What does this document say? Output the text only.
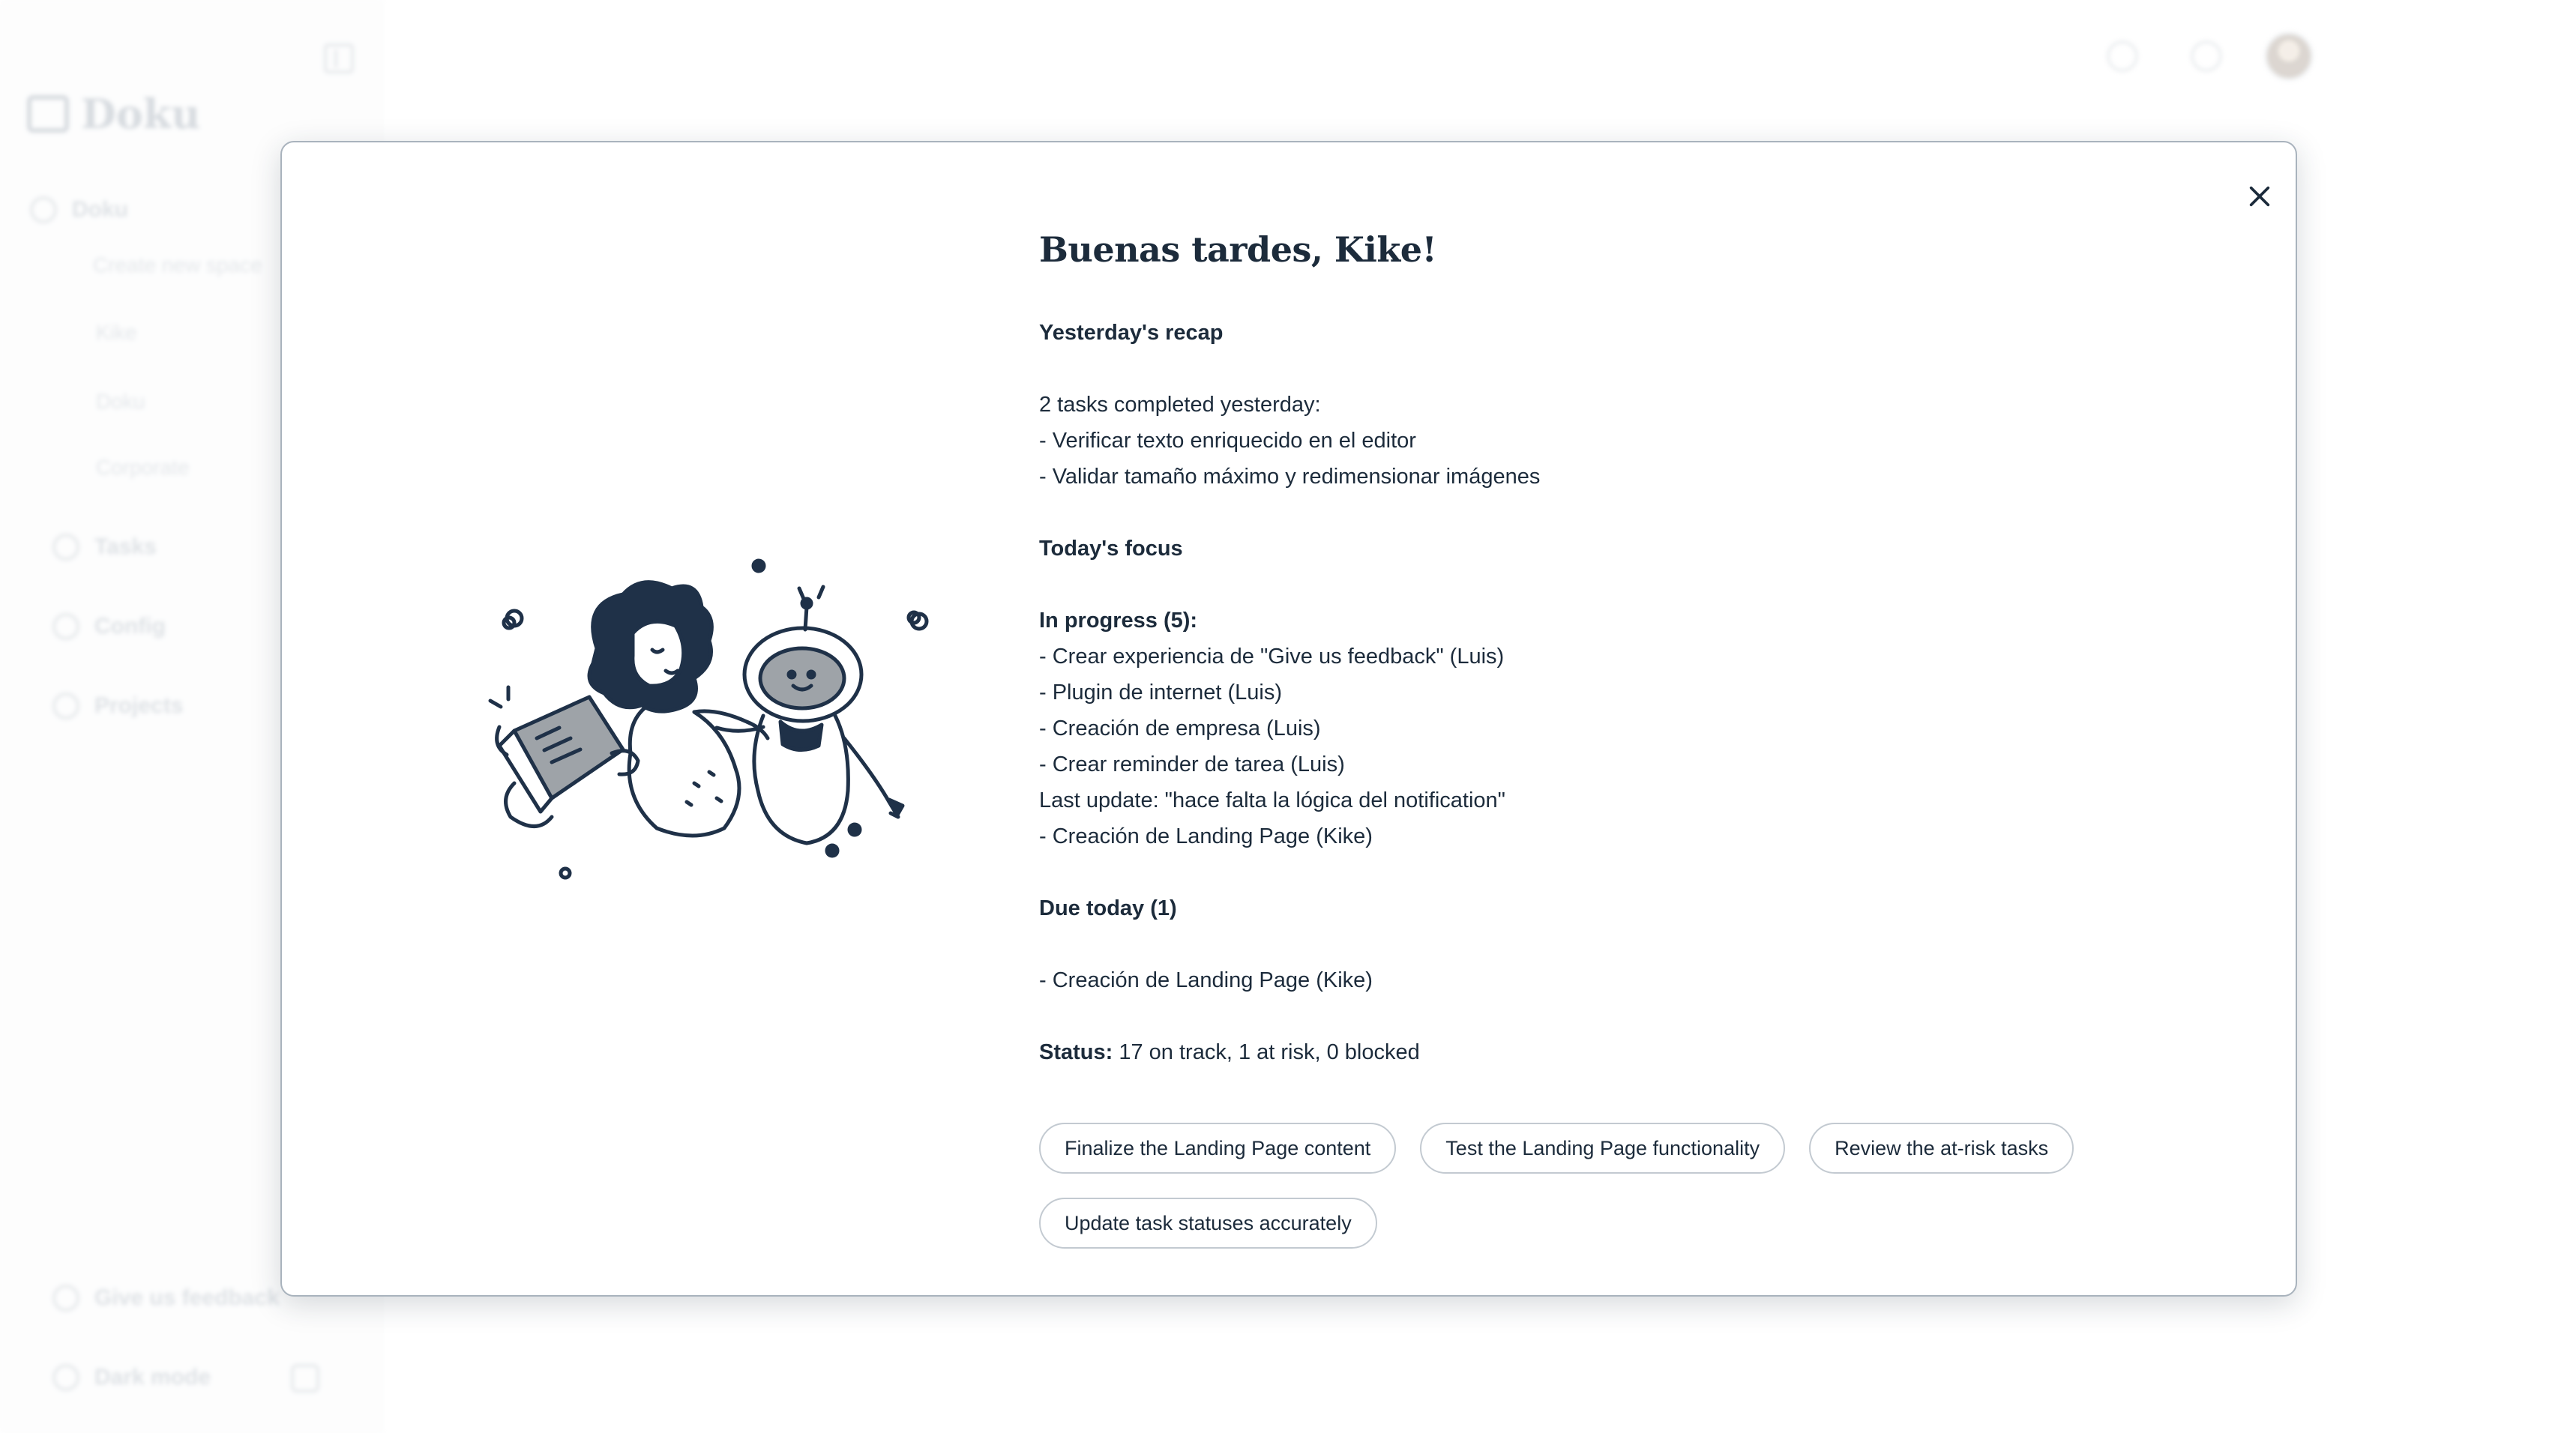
Doku
Doku
Create new space
Kike
Doku
Corporate
Tasks
Config
Projects
Give us feedback
Dark mode
Buenas tardes, Kike!
Yesterday's recap
2 tasks completed yesterday:
- Verificar texto enriquecido en el editor
- Validar tamaño máximo y redimensionar imágenes
Today's focus
In progress (5):
- Crear experiencia de "Give us feedback" (Luis)
- Plugin de internet (Luis)
- Creación de empresa (Luis)
- Crear reminder de tarea (Luis)
Last update: "hace falta la lógica del notification"
- Creación de Landing Page (Kike)
Due today (1)
- Creación de Landing Page (Kike)
Status: 17 on track, 1 at risk, 0 blocked
Finalize the Landing Page content	Test the Landing Page functionality	Review the at-risk tasks
Update task statuses accurately
